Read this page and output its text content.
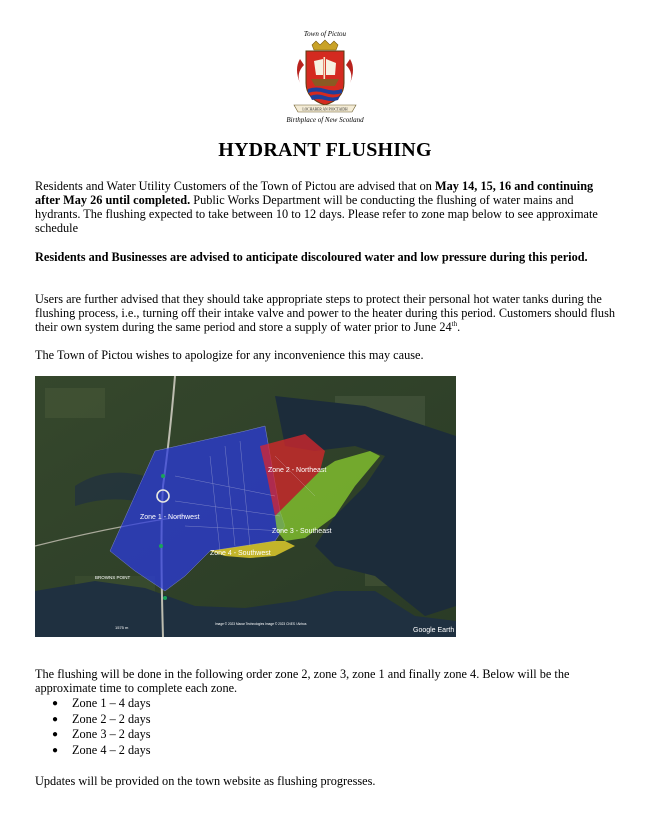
Town of Pictou
LOCHABER AN PIOCTAIDH
Birthplace of New Scotland
HYDRANT FLUSHING

Residents and Water Utility Customers of the Town of Pictou are advised that on May 14, 15, 16 and continuing after May 26 until completed. Public Works Department will be conducting the flushing of water mains and hydrants. The flushing expected to take between 10 to 12 days. Please refer to zone map below to see approximate schedule

Residents and Businesses are advised to anticipate discoloured water and low pressure during this period.

Users are further advised that they should take appropriate steps to protect their personal hot water tanks during the flushing process, i.e., turning off their intake valve and power to the heater during this period. Customers should flush their own system during the same period and store a supply of water prior to June 24th.

The Town of Pictou wishes to apologize for any inconvenience this may cause.

Zone 2 - Northeast
Zone 1 - Northwest
Zone 3 - Southeast
Zone 4 - Southwest
BROWNS POINT
1575 m
Image © 2023 Maxar Technologies Image © 2023 CNES / Airbus
Google Earth

The flushing will be done in the following order zone 2, zone 3, zone 1 and finally zone 4. Below will be the approximate time to complete each zone.

● Zone 1 – 4 days
● Zone 2 – 2 days
● Zone 3 – 2 days
● Zone 4 – 2 days

Updates will be provided on the town website as flushing progresses.
